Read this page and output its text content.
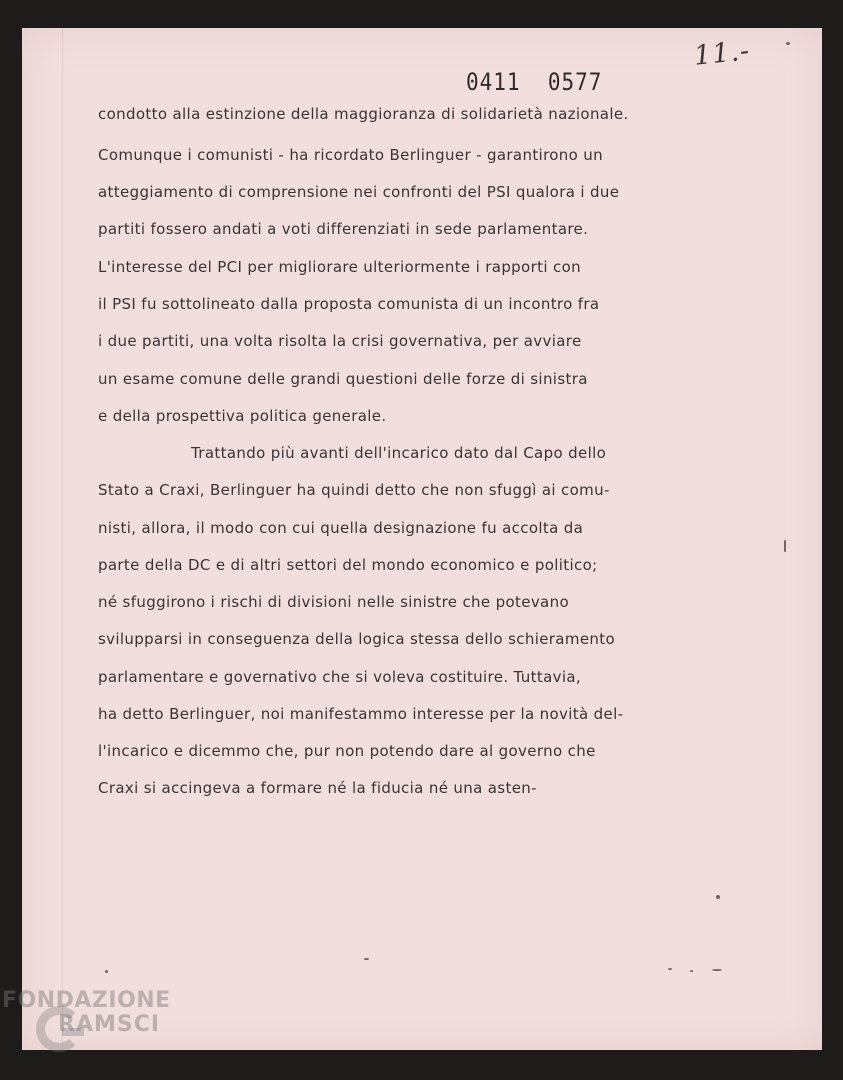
11.-
0411  0577
condotto alla estinzione della maggioranza di solidarietà nazionale.
Comunque i comunisti - ha ricordato Berlinguer - garantirono un
atteggiamento di comprensione nei confronti del PSI qualora i due
partiti fossero andati a voti differenziati in sede parlamentare.
L'interesse del PCI per migliorare ulteriormente i rapporti con
il PSI fu sottolineato dalla proposta comunista di un incontro fra
i due partiti, una volta risolta la crisi governativa, per avviare
un esame comune delle grandi questioni delle forze di sinistra
e della prospettiva politica generale.
Trattando più avanti dell'incarico dato dal Capo dello
Stato a Craxi, Berlinguer ha quindi detto che non sfuggì ai comu-
nisti, allora, il modo con cui quella designazione fu accolta da
parte della DC e di altri settori del mondo economico e politico;
né sfuggirono i rischi di divisioni nelle sinistre che potevano
svilupparsi in conseguenza della logica stessa dello schieramento
parlamentare e governativo che si voleva costituire. Tuttavia,
ha detto Berlinguer, noi manifestammo interesse per la novità del-
l'incarico e dicemmo che, pur non potendo dare al governo che
Craxi si accingeva a formare né la fiducia né una asten-
FONDAZIONE
RAMSCI
